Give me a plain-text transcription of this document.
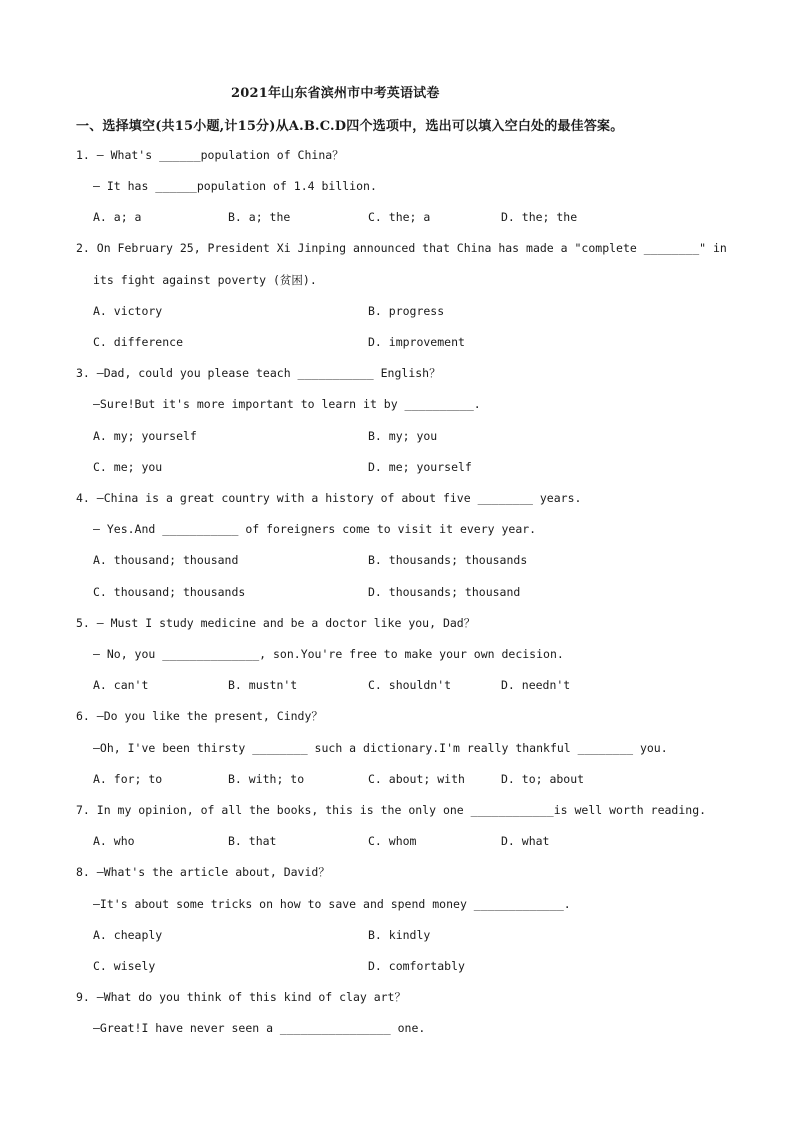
2021年山东省滨州市中考英语试卷
一、选择填空(共15小题,计15分)从A.B.C.D四个选项中，选出可以填入空白处的最佳答案。
1. — What's ______population of China？
— It has ______population of 1.4 billion.
A. a; a	B. a; the	C. the; a	D. the; the
2. On February 25, President Xi Jinping announced that China has made a "complete ________" in
its fight against poverty (贫困).
A. victory	B. progress
C. difference	D. improvement
3. —Dad, could you please teach ___________ English？
—Sure!But it's more important to learn it by __________.
A. my; yourself	B. my; you
C. me; you	D. me; yourself
4. —China is a great country with a history of about five ________ years.
— Yes.And ___________ of foreigners come to visit it every year.
A. thousand; thousand	B. thousands; thousands
C. thousand; thousands	D. thousands; thousand
5. — Must I study medicine and be a doctor like you, Dad？
— No, you ______________, son.You're free to make your own decision.
A. can't	B. mustn't	C. shouldn't	D. needn't
6. —Do you like the present, Cindy？
—Oh, I've been thirsty ________ such a dictionary.I'm really thankful ________ you.
A. for; to	B. with; to	C. about; with	D. to; about
7. In my opinion, of all the books, this is the only one ____________is well worth reading.
A. who	B. that	C. whom	D. what
8. —What's the article about, David？
—It's about some tricks on how to save and spend money _____________.
A. cheaply	B. kindly
C. wisely	D. comfortably
9. —What do you think of this kind of clay art？
—Great!I have never seen a ________________ one.
